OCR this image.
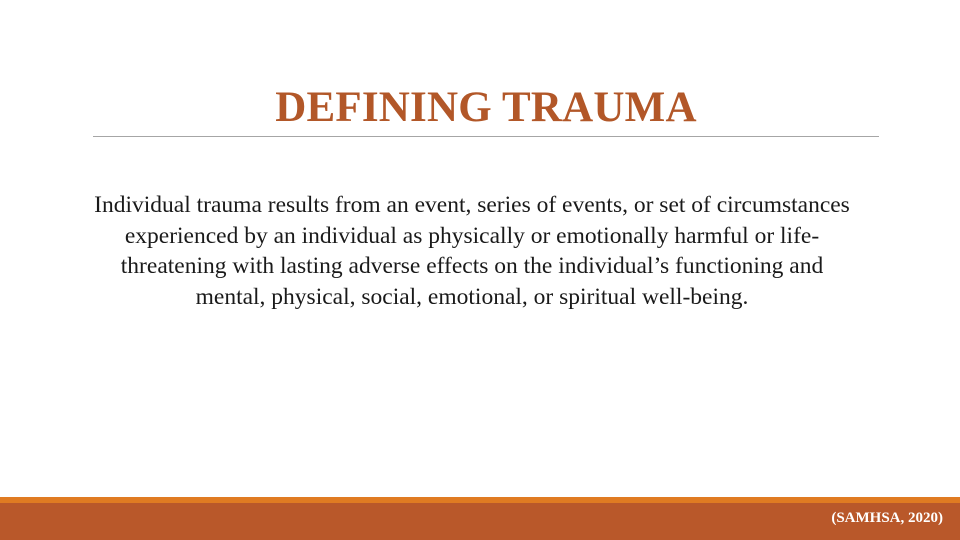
DEFINING TRAUMA

Individual trauma results from an event, series of events, or set of circumstances experienced by an individual as physically or emotionally harmful or life-threatening with lasting adverse effects on the individual’s functioning and mental, physical, social, emotional, or spiritual well-being.

(SAMHSA, 2020)
